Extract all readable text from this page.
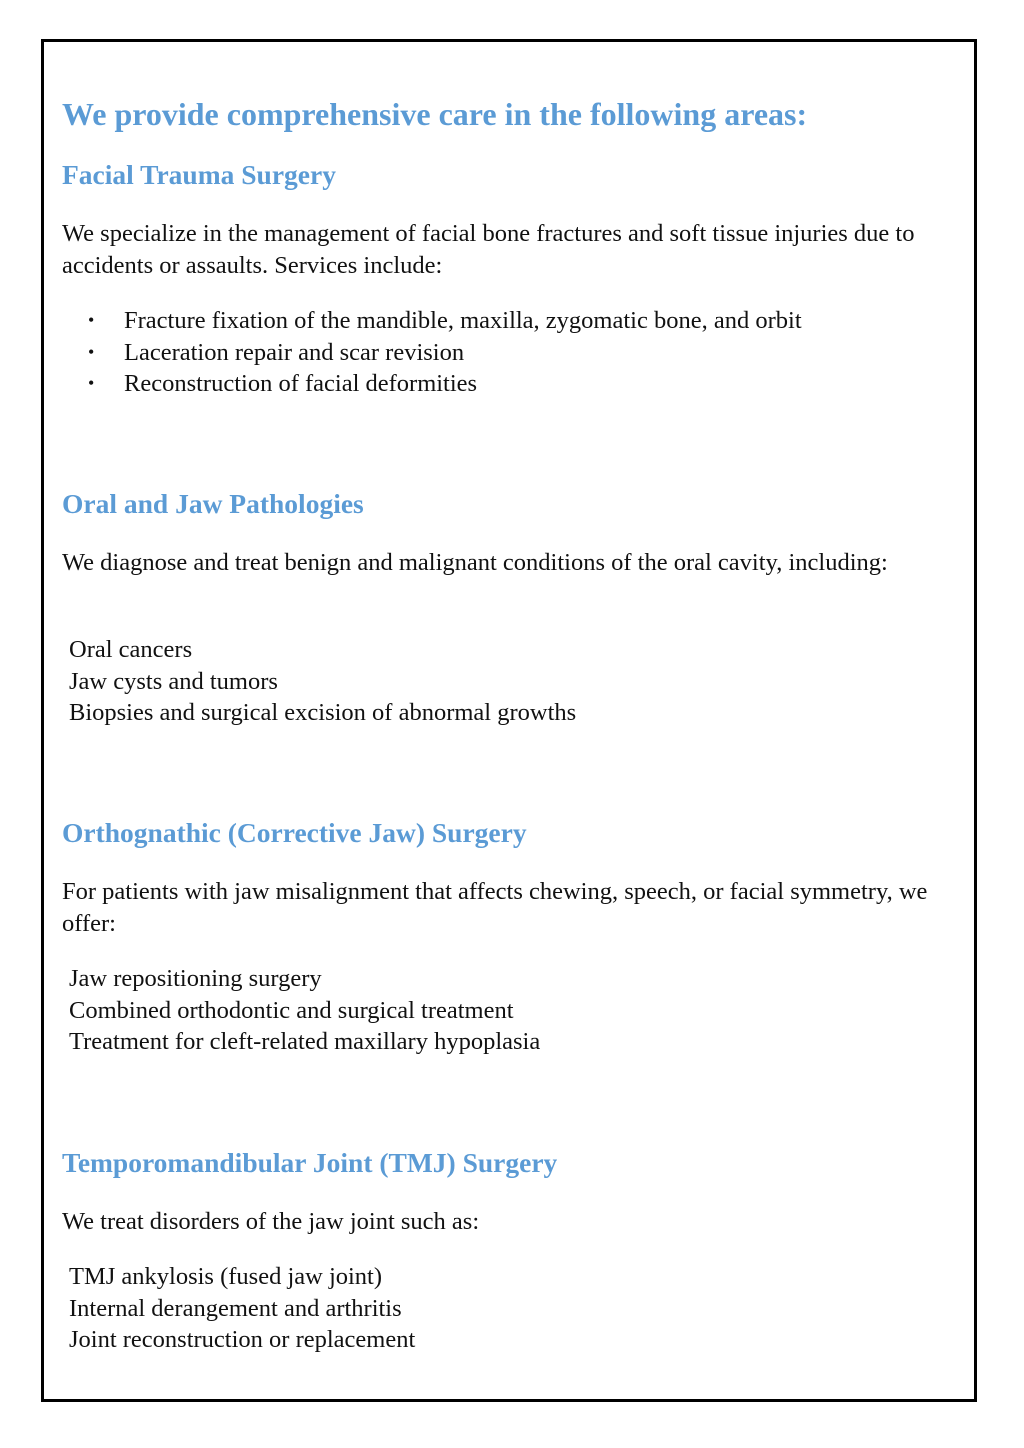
We provide comprehensive care in the following areas:
Facial Trauma Surgery

We specialize in the management of facial bone fractures and soft tissue injuries due to accidents or assaults. Services include:

• Fracture fixation of the mandible, maxilla, zygomatic bone, and orbit
• Laceration repair and scar revision
• Reconstruction of facial deformities
Oral and Jaw Pathologies

We diagnose and treat benign and malignant conditions of the oral cavity, including:

Oral cancers
Jaw cysts and tumors
Biopsies and surgical excision of abnormal growths
Orthognathic (Corrective Jaw) Surgery

For patients with jaw misalignment that affects chewing, speech, or facial symmetry, we offer:

Jaw repositioning surgery
Combined orthodontic and surgical treatment
Treatment for cleft-related maxillary hypoplasia
Temporomandibular Joint (TMJ) Surgery

We treat disorders of the jaw joint such as:

TMJ ankylosis (fused jaw joint)
Internal derangement and arthritis
Joint reconstruction or replacement
